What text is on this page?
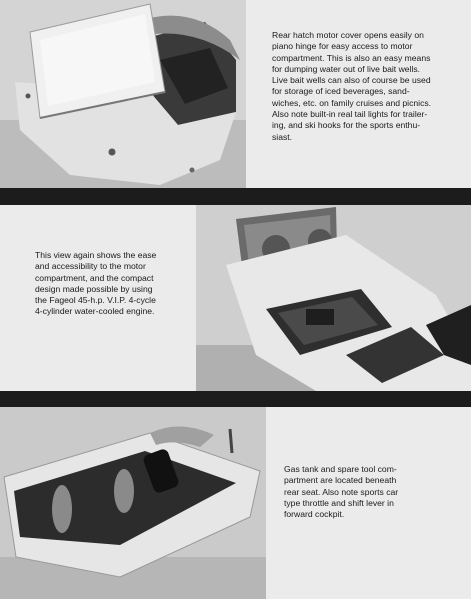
Rear hatch motor cover opens easily on
piano hinge for easy access to motor
compartment. This is also an easy means
for dumping water out of live bait wells.
Live bait wells can also of course be used
for storage of iced beverages, sand-
wiches, etc. on family cruises and picnics.
Also note built-in real tail lights for trailer-
ing, and ski hooks for the sports enthu-
siast.

This view again shows the ease
and accessibility to the motor
compartment, and the compact
design made possible by using
the Fageol 45-h.p. V.I.P. 4-cycle
4-cylinder water-cooled engine.

Gas tank and spare tool com-
partment are located beneath
rear seat. Also note sports car
type throttle and shift lever in
forward cockpit.
